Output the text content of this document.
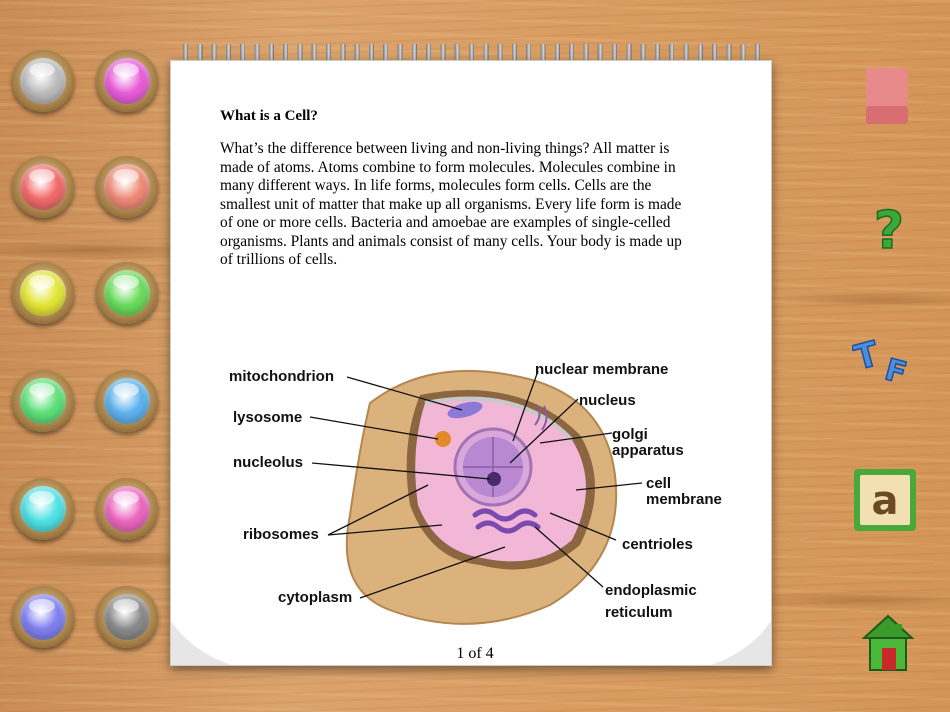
What is a Cell?
What’s the difference between living and non-living things? All matter is made of atoms. Atoms combine to form molecules. Molecules combine in many different ways. In life forms, molecules form cells. Cells are the smallest unit of matter that make up all organisms. Every life form is made of one or more cells. Bacteria and amoebae are examples of single-celled organisms. Plants and animals consist of many cells. Your body is made up of trillions of cells.
mitochondrion
lysosome
nucleolus
ribosomes
cytoplasm
nuclear membrane
nucleus
golgi
apparatus
cell
membrane
centrioles
endoplasmic
reticulum
1 of 4
?
T
F
a
